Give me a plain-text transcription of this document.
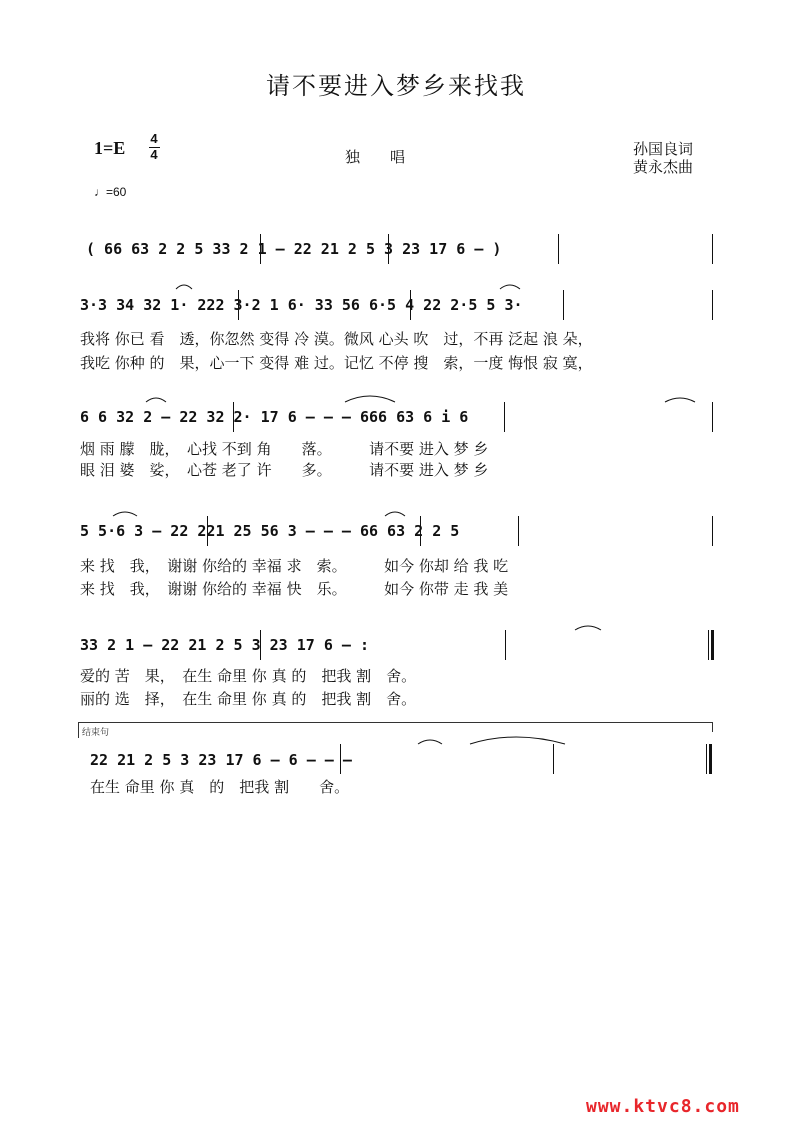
请不要进入梦乡来找我
1=E 4
4	独　　唱	孙国良词
黄永杰曲
♩=60
( 66 63 2 2 5 33 2 1 – 22 21 2 5 3 23 17 6 – )
3·3 34 32 1· 222 3·2 1 6· 33 56 6·5 4 22 2·5 5 3·
我将 你已 看　透，你忽然 变得 冷 漠。微风 心头 吹　过，不再 泛起 浪 朵，
我吃 你种 的　果，心一下 变得 难 过。记忆 不停 搜　索，一度 悔恨 寂 寞，
6 6 32 2 – 22 32 2· 17 6 – – – 666 63 6 i 6
烟 雨 朦　胧，　心找 不到 角　　落。　　　请不要 进入 梦 乡
眼 泪 婆　娑，　心苍 老了 许　　多。　　　请不要 进入 梦 乡
5 5·6 3 – 22 221 25 56 3 – – – 66 63 2 2 5
来 找　我，　谢谢 你给的 幸福 求　索。　　　如今 你却 给 我 吃
来 找　我，　谢谢 你给的 幸福 快　乐。　　　如今 你带 走 我 美
33 2 1 – 22 21 2 5 3 23 17 6 – :
爱的 苦　果，　在生 命里 你 真 的　把我 割　舍。
丽的 选　择，　在生 命里 你 真 的　把我 割　舍。
结束句
22 21 2 5 3 23 17 6 – 6 – – –
在生 命里 你 真　的　把我 割　　舍。
www.ktvc8.com
